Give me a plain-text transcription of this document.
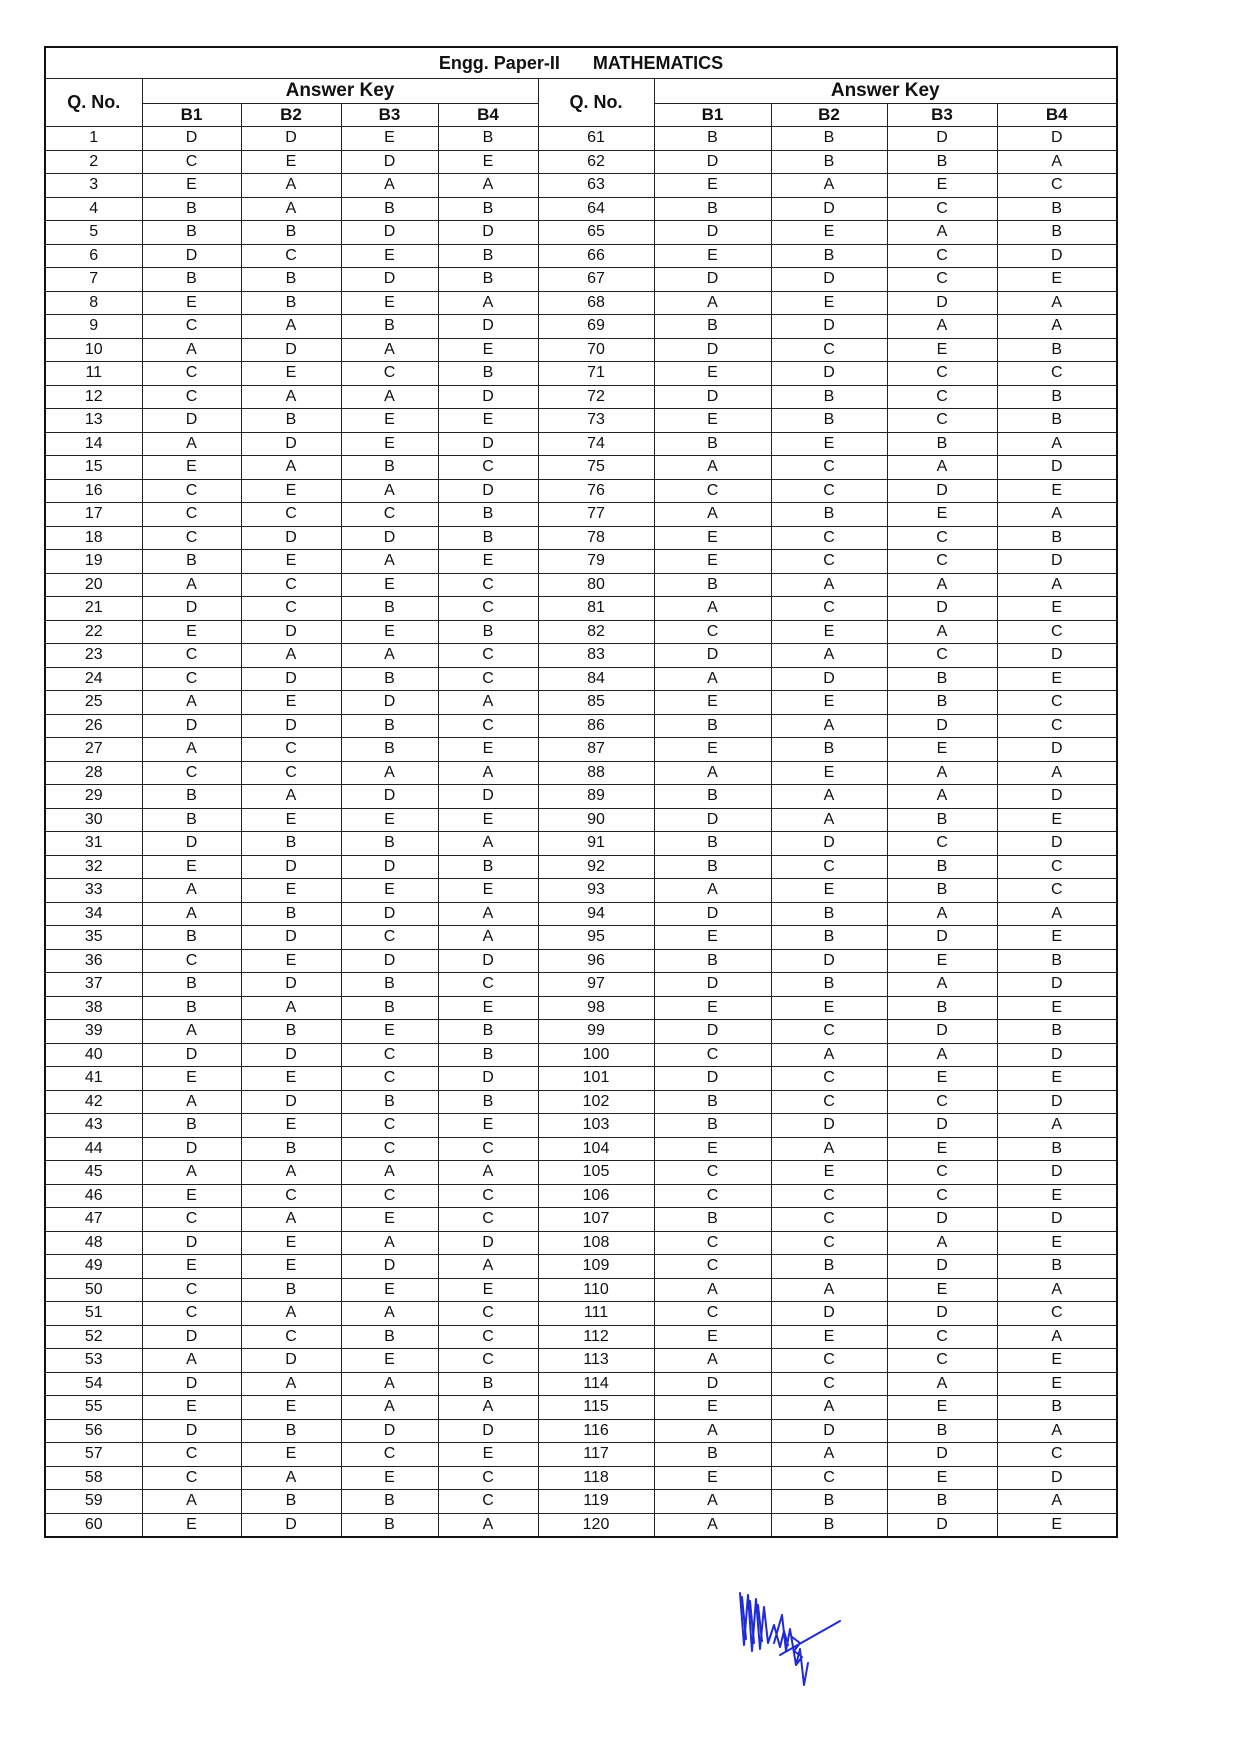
Engg. Paper-II MATHEMATICS									
Q. No.	Answer Key				Q. No.	Answer Key			
	B1	B2	B3	B4		B1	B2	B3	B4
1	D	D	E	B	61	B	B	D	D
2	C	E	D	E	62	D	B	B	A
3	E	A	A	A	63	E	A	E	C
4	B	A	B	B	64	B	D	C	B
5	B	B	D	D	65	D	E	A	B
6	D	C	E	B	66	E	B	C	D
7	B	B	D	B	67	D	D	C	E
8	E	B	E	A	68	A	E	D	A
9	C	A	B	D	69	B	D	A	A
10	A	D	A	E	70	D	C	E	B
11	C	E	C	B	71	E	D	C	C
12	C	A	A	D	72	D	B	C	B
13	D	B	E	E	73	E	B	C	B
14	A	D	E	D	74	B	E	B	A
15	E	A	B	C	75	A	C	A	D
16	C	E	A	D	76	C	C	D	E
17	C	C	C	B	77	A	B	E	A
18	C	D	D	B	78	E	C	C	B
19	B	E	A	E	79	E	C	C	D
20	A	C	E	C	80	B	A	A	A
21	D	C	B	C	81	A	C	D	E
22	E	D	E	B	82	C	E	A	C
23	C	A	A	C	83	D	A	C	D
24	C	D	B	C	84	A	D	B	E
25	A	E	D	A	85	E	E	B	C
26	D	D	B	C	86	B	A	D	C
27	A	C	B	E	87	E	B	E	D
28	C	C	A	A	88	A	E	A	A
29	B	A	D	D	89	B	A	A	D
30	B	E	E	E	90	D	A	B	E
31	D	B	B	A	91	B	D	C	D
32	E	D	D	B	92	B	C	B	C
33	A	E	E	E	93	A	E	B	C
34	A	B	D	A	94	D	B	A	A
35	B	D	C	A	95	E	B	D	E
36	C	E	D	D	96	B	D	E	B
37	B	D	B	C	97	D	B	A	D
38	B	A	B	E	98	E	E	B	E
39	A	B	E	B	99	D	C	D	B
40	D	D	C	B	100	C	A	A	D
41	E	E	C	D	101	D	C	E	E
42	A	D	B	B	102	B	C	C	D
43	B	E	C	E	103	B	D	D	A
44	D	B	C	C	104	E	A	E	B
45	A	A	A	A	105	C	E	C	D
46	E	C	C	C	106	C	C	C	E
47	C	A	E	C	107	B	C	D	D
48	D	E	A	D	108	C	C	A	E
49	E	E	D	A	109	C	B	D	B
50	C	B	E	E	110	A	A	E	A
51	C	A	A	C	111	C	D	D	C
52	D	C	B	C	112	E	E	C	A
53	A	D	E	C	113	A	C	C	E
54	D	A	A	B	114	D	C	A	E
55	E	E	A	A	115	E	A	E	B
56	D	B	D	D	116	A	D	B	A
57	C	E	C	E	117	B	A	D	C
58	C	A	E	C	118	E	C	E	D
59	A	B	B	C	119	A	B	B	A
60	E	D	B	A	120	A	B	D	E
